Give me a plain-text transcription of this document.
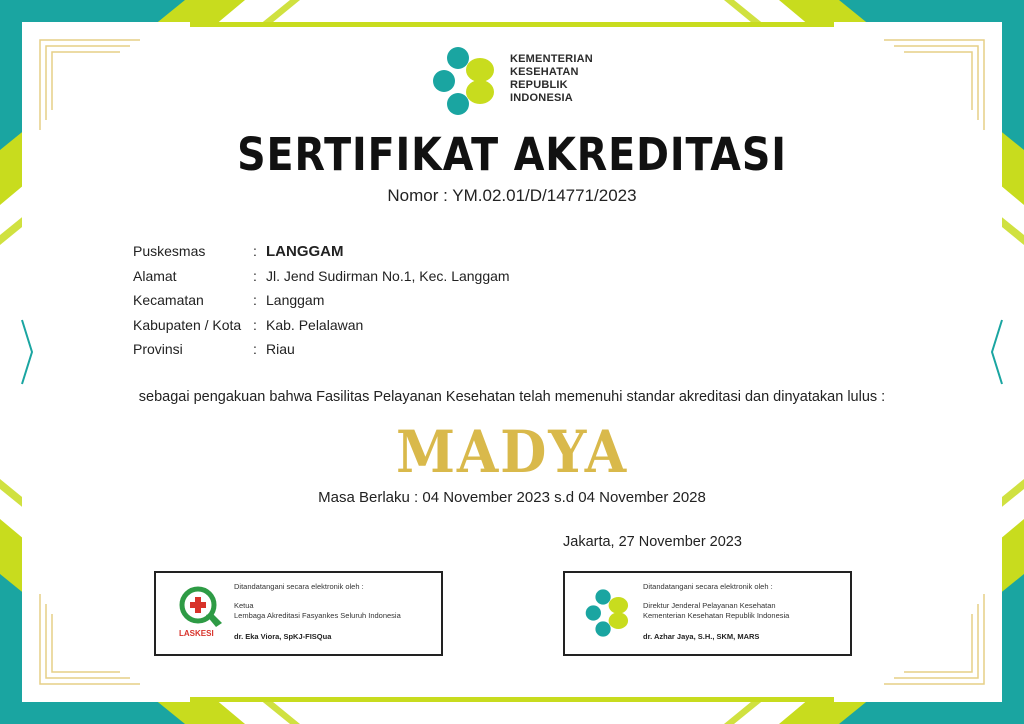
KEMENTERIAN
KESEHATAN
REPUBLIK
INDONESIA
SERTIFIKAT AKREDITASI
Nomor : YM.02.01/D/14771/2023
Puskesmas	: LANGGAM
Alamat	: Jl. Jend Sudirman No.1, Kec. Langgam
Kecamatan	: Langgam
Kabupaten / Kota : Kab. Pelalawan
Provinsi	: Riau
sebagai pengakuan bahwa Fasilitas Pelayanan Kesehatan telah memenuhi standar akreditasi dan dinyatakan lulus :
MADYA
Masa Berlaku : 04 November 2023 s.d 04 November 2028
Jakarta, 27 November 2023
LASKESI
Ditandatangani secara elektronik oleh :
Ketua
Lembaga Akreditasi Fasyankes Seluruh Indonesia
dr. Eka Viora, SpKJ-FISQua
Ditandatangani secara elektronik oleh :
Direktur Jenderal Pelayanan Kesehatan
Kementerian Kesehatan Republik Indonesia
dr. Azhar Jaya, S.H., SKM, MARS
